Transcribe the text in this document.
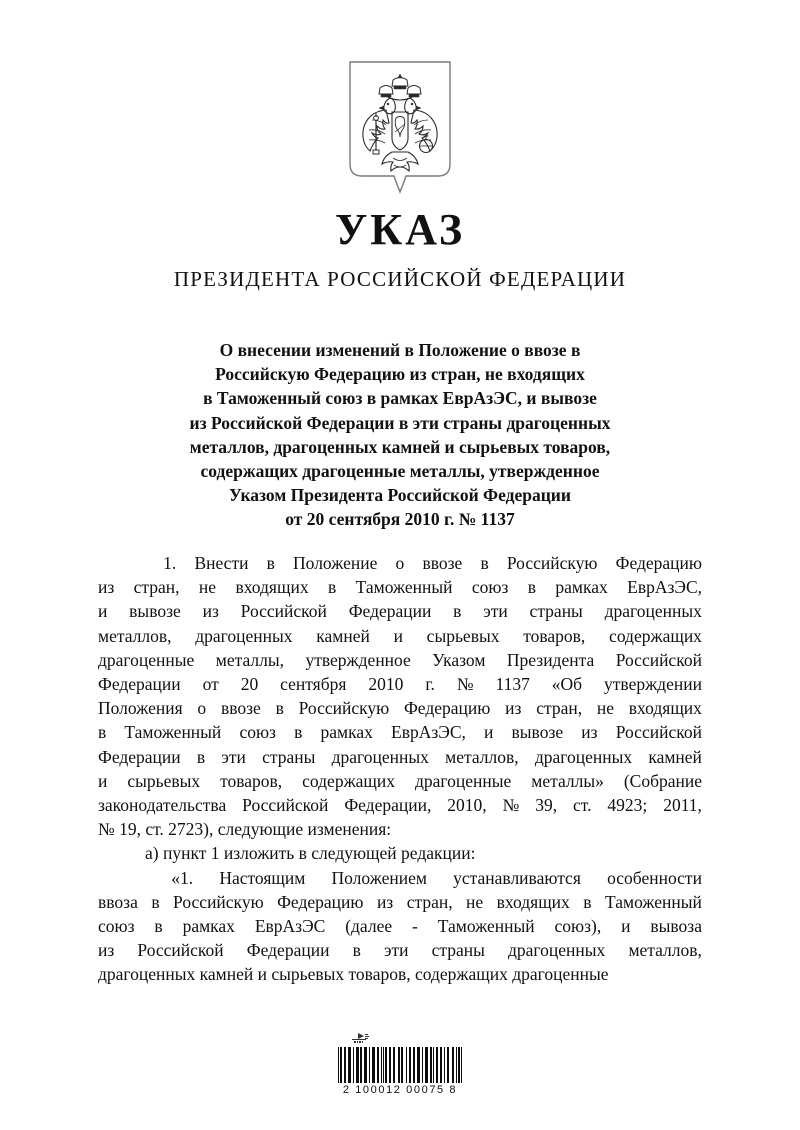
УКАЗ
ПРЕЗИДЕНТА РОССИЙСКОЙ ФЕДЕРАЦИИ
О внесении изменений в Положение о ввозе в
Российскую Федерацию из стран, не входящих
в Таможенный союз в рамках ЕврАзЭС, и вывозе
из Российской Федерации в эти страны драгоценных
металлов, драгоценных камней и сырьевых товаров,
содержащих драгоценные металлы, утвержденное
Указом Президента Российской Федерации
от 20 сентября 2010 г. № 1137

1. Внести в Положение о ввозе в Российскую Федерацию
из стран, не входящих в Таможенный союз в рамках ЕврАзЭС,
и вывозе из Российской Федерации в эти страны драгоценных
металлов, драгоценных камней и сырьевых товаров, содержащих
драгоценные металлы, утвержденное Указом Президента Российской
Федерации от 20 сентября 2010 г. № 1137 «Об утверждении
Положения о ввозе в Российскую Федерацию из стран, не входящих
в Таможенный союз в рамках ЕврАзЭС, и вывозе из Российской
Федерации в эти страны драгоценных металлов, драгоценных камней
и сырьевых товаров, содержащих драгоценные металлы» (Собрание
законодательства Российской Федерации, 2010, № 39, ст. 4923; 2011,
№ 19, ст. 2723), следующие изменения:

а) пункт 1 изложить в следующей редакции:

«1. Настоящим Положением устанавливаются особенности
ввоза в Российскую Федерацию из стран, не входящих в Таможенный
союз в рамках ЕврАзЭС (далее - Таможенный союз), и вывоза
из Российской Федерации в эти страны драгоценных металлов,
драгоценных камней и сырьевых товаров, содержащих драгоценные

2 100012 00075 8
